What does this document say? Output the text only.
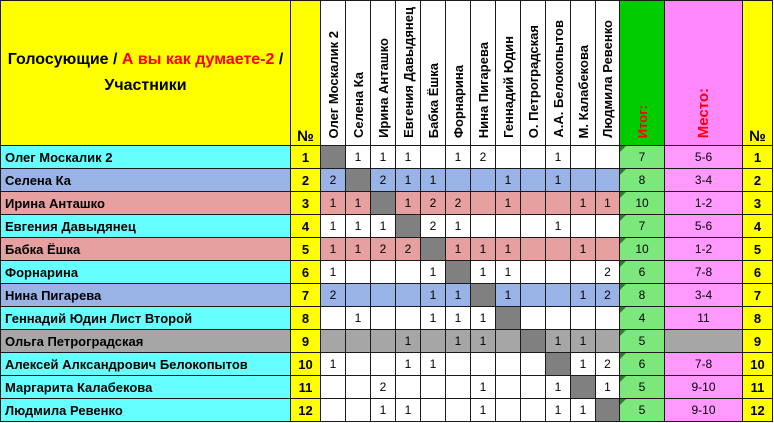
Голосующие / А вы как думаете-2 / Участники	№	Олег Москалик 2	Селена Ка	Ирина Анташко	Евгения Давыдянец	Бабка Ёшка	Форнарина	Нина Пигарева	Геннадий Юдин	О. Петроградская	А.А. Белокопытов	М. Калабекова	Людмила Ревенко	Итог:	Место:	№
Олег Москалик 2	1		1	1	1		1	2			1			7	5-6	1
Селена Ка	2	2		2	1	1			1		1			8	3-4	2
Ирина Анташко	3	1	1		1	2	2		1			1	1	10	1-2	3
Евгения Давыдянец	4	1	1	1		2	1				1			7	5-6	4
Бабка Ёшка	5	1	1	2	2		1	1	1			1		10	1-2	5
Форнарина	6	1				1		1	1				2	6	7-8	6
Нина Пигарева	7	2				1	1		1			1	2	8	3-4	7
Геннадий Юдин Лист Второй	8		1			1	1	1						4	11	8
Ольга Петроградская	9				1		1	1			1	1		5		9
Алексей Алксандрович Белокопытов	10	1			1	1						1	2	6	7-8	10
Маргарита Калабекова	11			2				1			1		1	5	9-10	11
Людмила Ревенко	12			1	1			1			1	1		5	9-10	12
